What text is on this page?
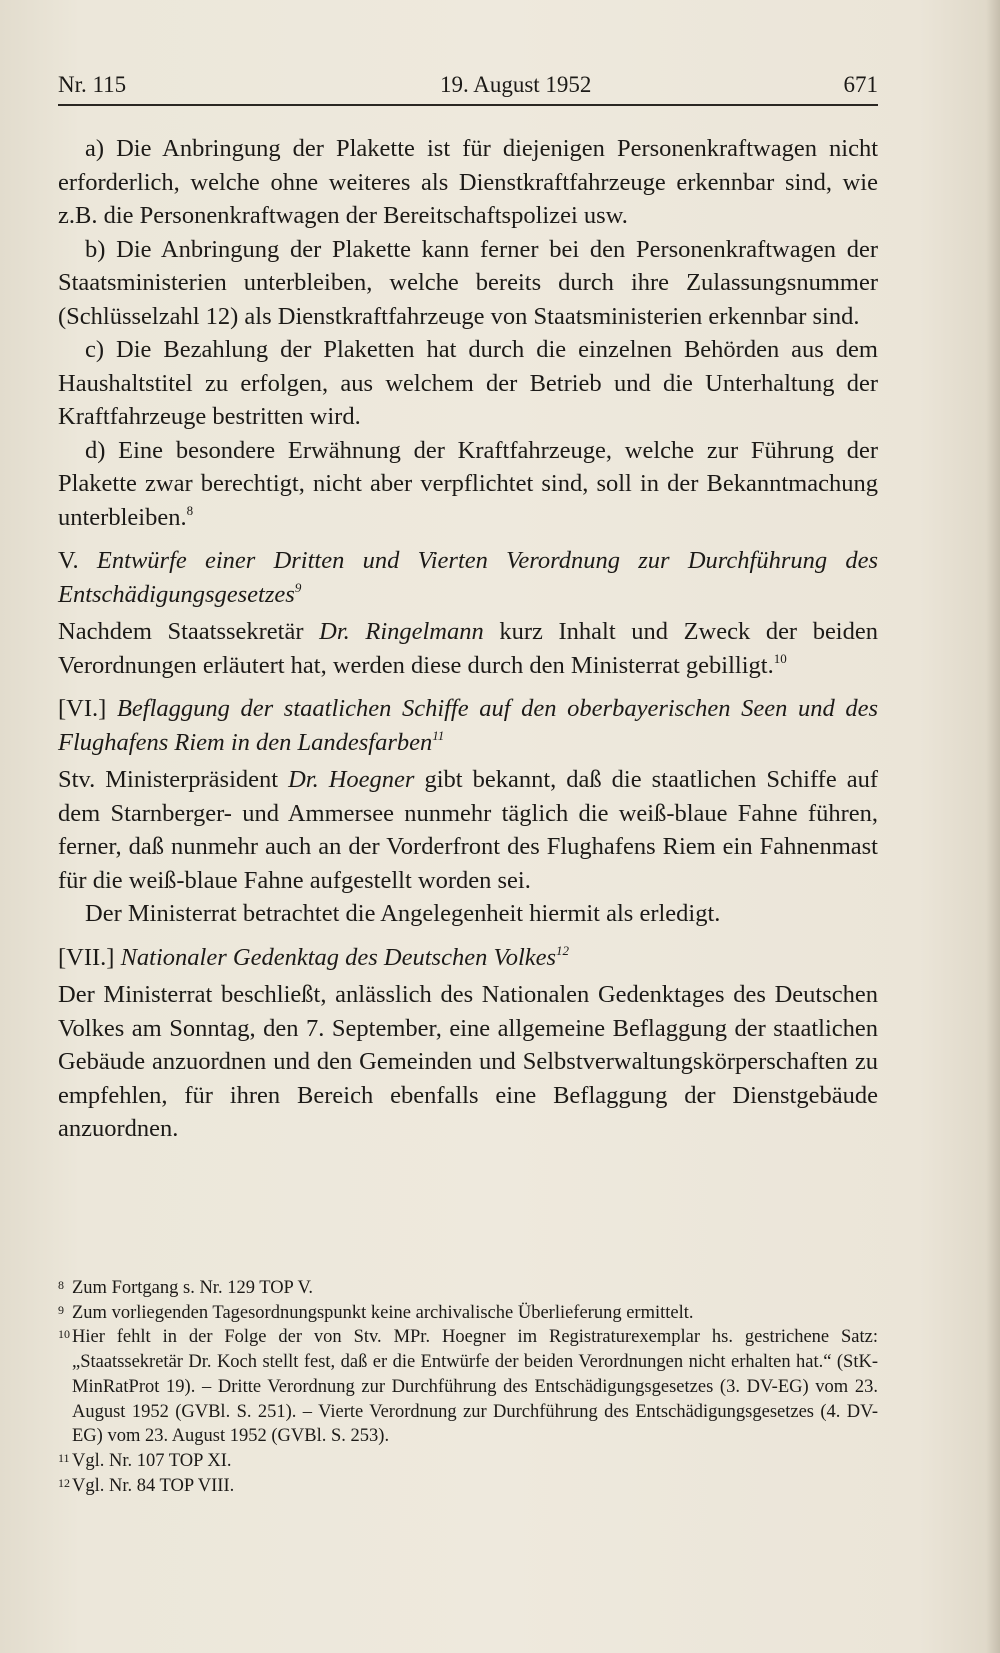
Nr. 115	19. August 1952	671

a) Die Anbringung der Plakette ist für diejenigen Personenkraftwagen nicht erforderlich, welche ohne weiteres als Dienstkraftfahrzeuge erkennbar sind, wie z.B. die Personenkraftwagen der Bereitschaftspolizei usw.

b) Die Anbringung der Plakette kann ferner bei den Personenkraftwagen der Staatsministerien unterbleiben, welche bereits durch ihre Zulassungsnummer (Schlüsselzahl 12) als Dienstkraftfahrzeuge von Staatsministerien erkennbar sind.

c) Die Bezahlung der Plaketten hat durch die einzelnen Behörden aus dem Haushaltstitel zu erfolgen, aus welchem der Betrieb und die Unterhaltung der Kraftfahrzeuge bestritten wird.

d) Eine besondere Erwähnung der Kraftfahrzeuge, welche zur Führung der Plakette zwar berechtigt, nicht aber verpflichtet sind, soll in der Bekanntmachung unterbleiben.$^8$

V. Entwürfe einer Dritten und Vierten Verordnung zur Durchführung des Entschädigungsgesetzes$^9$

Nachdem Staatssekretär Dr. Ringelmann kurz Inhalt und Zweck der beiden Verordnungen erläutert hat, werden diese durch den Ministerrat gebilligt.$^{10}$

[VI.] Beflaggung der staatlichen Schiffe auf den oberbayerischen Seen und des Flughafens Riem in den Landesfarben$^{11}$

Stv. Ministerpräsident Dr. Hoegner gibt bekannt, daß die staatlichen Schiffe auf dem Starnberger- und Ammersee nunmehr täglich die weiß-blaue Fahne führen, ferner, daß nunmehr auch an der Vorderfront des Flughafens Riem ein Fahnenmast für die weiß-blaue Fahne aufgestellt worden sei.

Der Ministerrat betrachtet die Angelegenheit hiermit als erledigt.

[VII.] Nationaler Gedenktag des Deutschen Volkes$^{12}$

Der Ministerrat beschließt, anlässlich des Nationalen Gedenktages des Deutschen Volkes am Sonntag, den 7. September, eine allgemeine Beflaggung der staatlichen Gebäude anzuordnen und den Gemeinden und Selbstverwaltungskörperschaften zu empfehlen, für ihren Bereich ebenfalls eine Beflaggung der Dienstgebäude anzuordnen.

8 Zum Fortgang s. Nr. 129 TOP V.
9 Zum vorliegenden Tagesordnungspunkt keine archivalische Überlieferung ermittelt.
10 Hier fehlt in der Folge der von Stv. MPr. Hoegner im Registraturexemplar hs. gestrichene Satz: „Staatssekretär Dr. Koch stellt fest, daß er die Entwürfe der beiden Verordnungen nicht erhalten hat.“ (StK-MinRatProt 19). – Dritte Verordnung zur Durchführung des Entschädigungsgesetzes (3. DV-EG) vom 23. August 1952 (GVBl. S. 251). – Vierte Verordnung zur Durchführung des Entschädigungsgesetzes (4. DV-EG) vom 23. August 1952 (GVBl. S. 253).
11 Vgl. Nr. 107 TOP XI.
12 Vgl. Nr. 84 TOP VIII.
